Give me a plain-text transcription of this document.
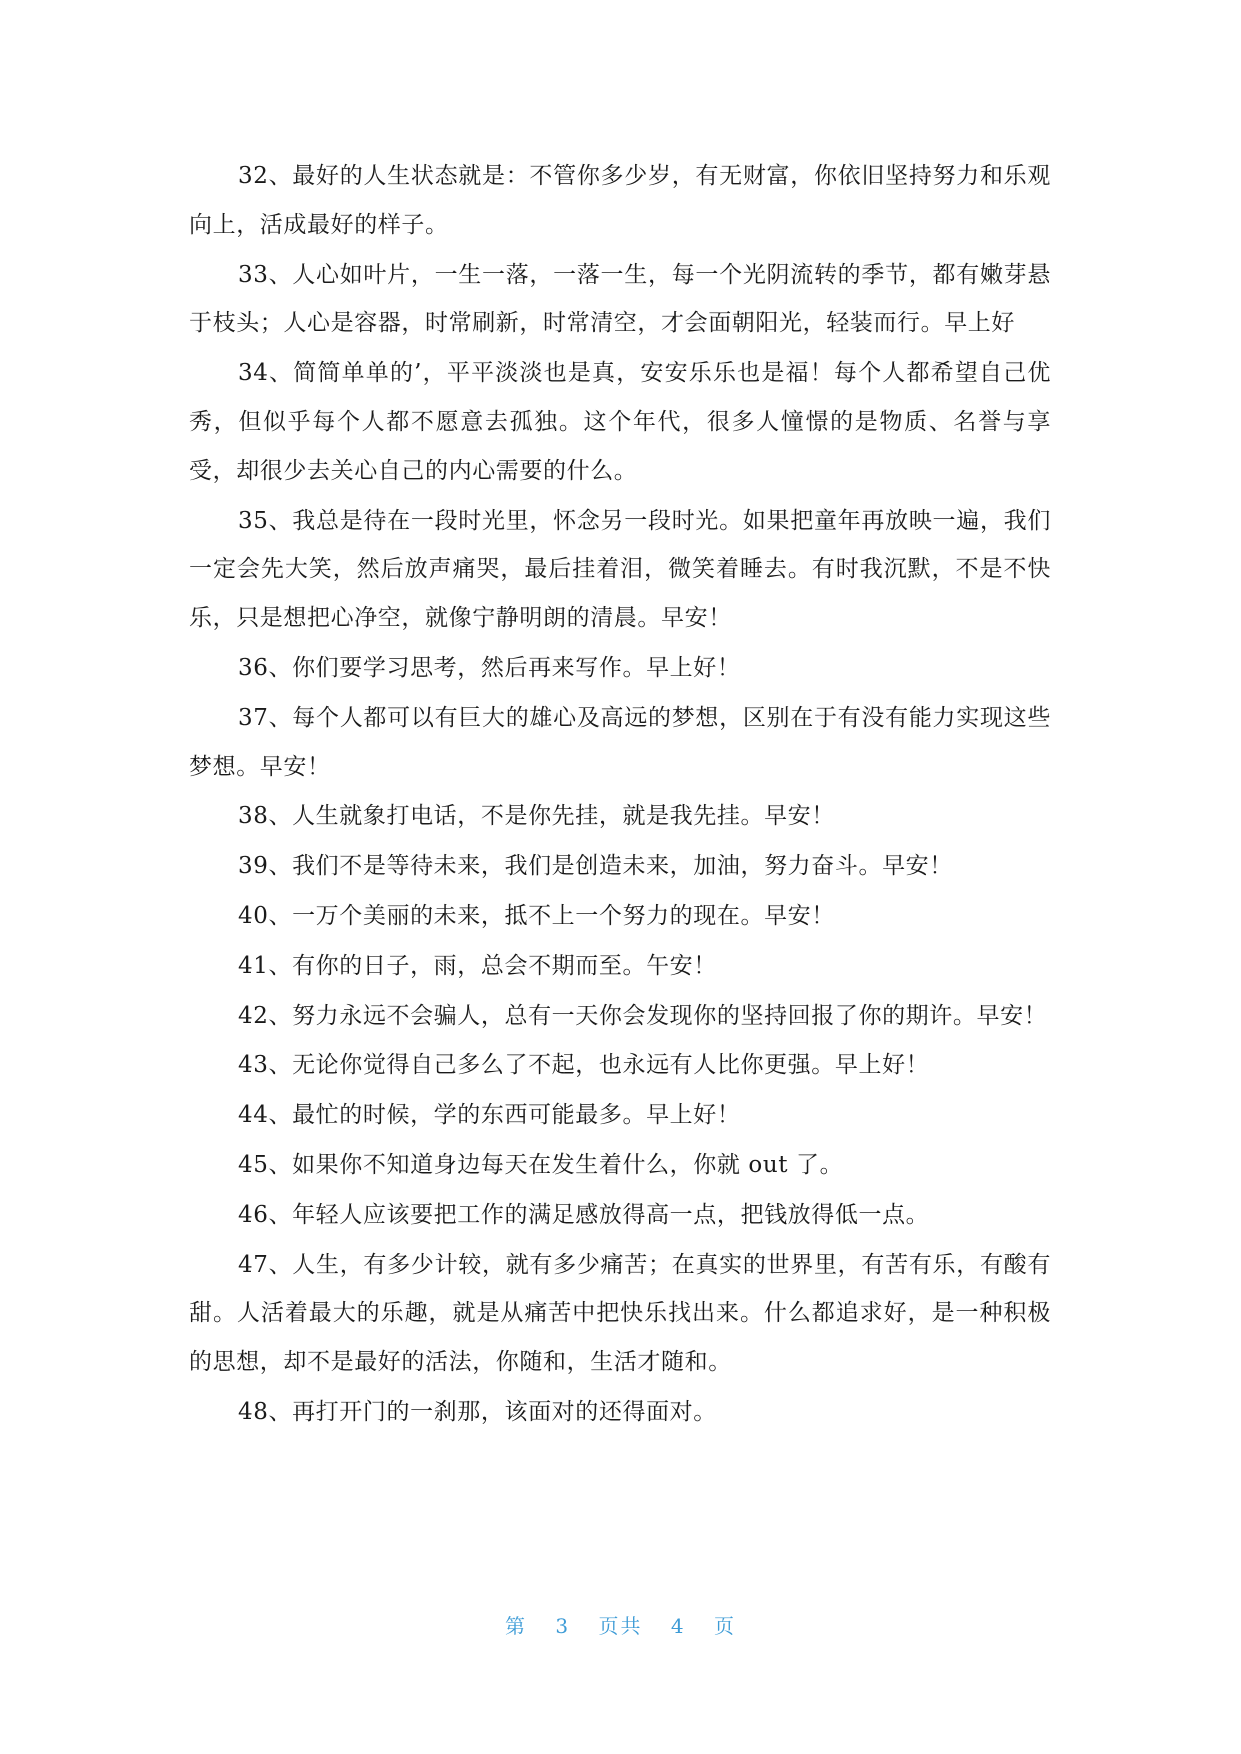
32、最好的人生状态就是：不管你多少岁，有无财富，你依旧坚持努力和乐观向上，活成最好的样子。

33、人心如叶片，一生一落，一落一生，每一个光阴流转的季节，都有嫩芽悬于枝头；人心是容器，时常刷新，时常清空，才会面朝阳光，轻装而行。早上好

34、简简单单的’，平平淡淡也是真，安安乐乐也是福！每个人都希望自己优秀，但似乎每个人都不愿意去孤独。这个年代，很多人憧憬的是物质、名誉与享受，却很少去关心自己的内心需要的什么。

35、我总是待在一段时光里，怀念另一段时光。如果把童年再放映一遍，我们一定会先大笑，然后放声痛哭，最后挂着泪，微笑着睡去。有时我沉默，不是不快乐，只是想把心净空，就像宁静明朗的清晨。早安！

36、你们要学习思考，然后再来写作。早上好！

37、每个人都可以有巨大的雄心及高远的梦想，区别在于有没有能力实现这些梦想。早安！

38、人生就象打电话，不是你先挂，就是我先挂。早安！

39、我们不是等待未来，我们是创造未来，加油，努力奋斗。早安！

40、一万个美丽的未来，抵不上一个努力的现在。早安！

41、有你的日子，雨，总会不期而至。午安！

42、努力永远不会骗人，总有一天你会发现你的坚持回报了你的期许。早安！

43、无论你觉得自己多么了不起，也永远有人比你更强。早上好！

44、最忙的时候，学的东西可能最多。早上好！

45、如果你不知道身边每天在发生着什么，你就 out 了。

46、年轻人应该要把工作的满足感放得高一点，把钱放得低一点。

47、人生，有多少计较，就有多少痛苦；在真实的世界里，有苦有乐，有酸有甜。人活着最大的乐趣，就是从痛苦中把快乐找出来。什么都追求好，是一种积极的思想，却不是最好的活法，你随和，生活才随和。

48、再打开门的一刹那，该面对的还得面对。

第 3 页共 4 页
